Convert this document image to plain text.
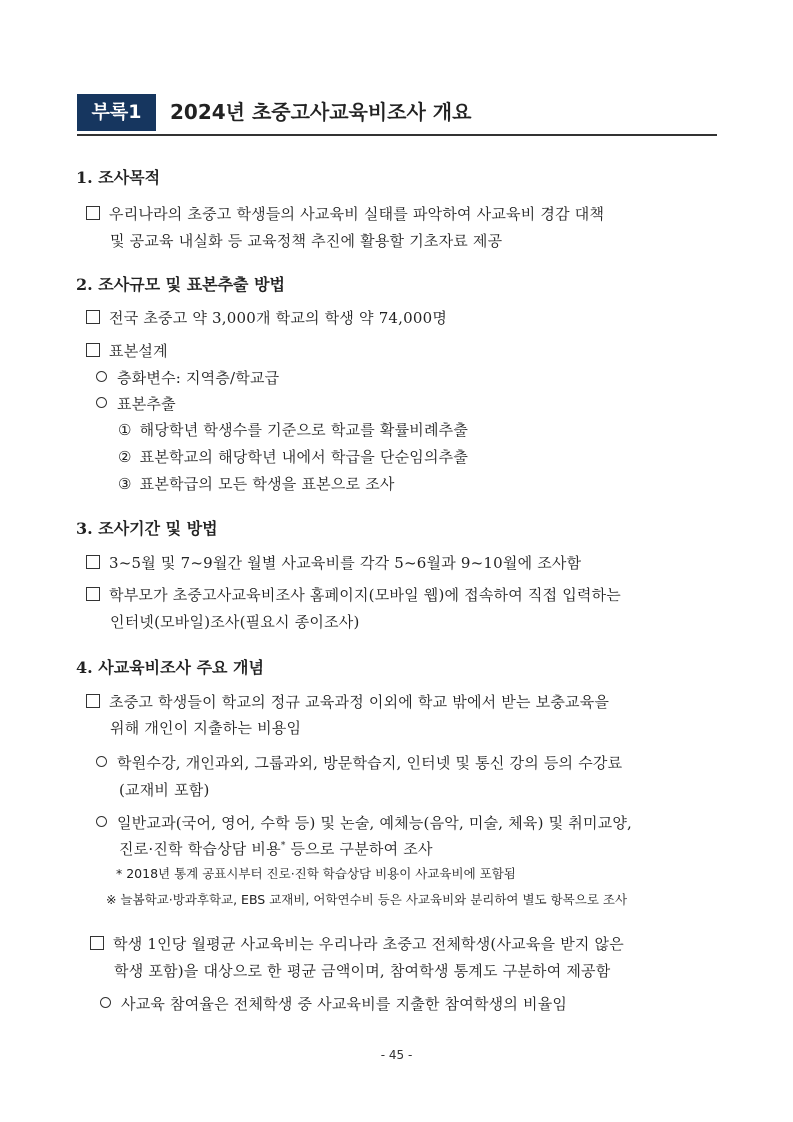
부록1	2024년 초중고사교육비조사 개요
1. 조사목적
우리나라의 초중고 학생들의 사교육비 실태를 파악하여 사교육비 경감 대책
및 공교육 내실화 등 교육정책 추진에 활용할 기초자료 제공
2. 조사규모 및 표본추출 방법
전국 초중고 약 3,000개 학교의 학생 약 74,000명
표본설계
층화변수: 지역층/학교급
표본추출
① 해당학년 학생수를 기준으로 학교를 확률비례추출
② 표본학교의 해당학년 내에서 학급을 단순임의추출
③ 표본학급의 모든 학생을 표본으로 조사
3. 조사기간 및 방법
3~5월 및 7~9월간 월별 사교육비를 각각 5~6월과 9~10월에 조사함
학부모가 초중고사교육비조사 홈페이지(모바일 웹)에 접속하여 직접 입력하는
인터넷(모바일)조사(필요시 종이조사)
4. 사교육비조사 주요 개념
초중고 학생들이 학교의 정규 교육과정 이외에 학교 밖에서 받는 보충교육을
위해 개인이 지출하는 비용임
학원수강, 개인과외, 그룹과외, 방문학습지, 인터넷 및 통신 강의 등의 수강료
(교재비 포함)
일반교과(국어, 영어, 수학 등) 및 논술, 예체능(음악, 미술, 체육) 및 취미교양,
진로·진학 학습상담 비용* 등으로 구분하여 조사
* 2018년 통계 공표시부터 진로·진학 학습상담 비용이 사교육비에 포함됨
※ 늘봄학교·방과후학교, EBS 교재비, 어학연수비 등은 사교육비와 분리하여 별도 항목으로 조사
학생 1인당 월평균 사교육비는 우리나라 초중고 전체학생(사교육을 받지 않은
학생 포함)을 대상으로 한 평균 금액이며, 참여학생 통계도 구분하여 제공함
사교육 참여율은 전체학생 중 사교육비를 지출한 참여학생의 비율임
- 45 -
